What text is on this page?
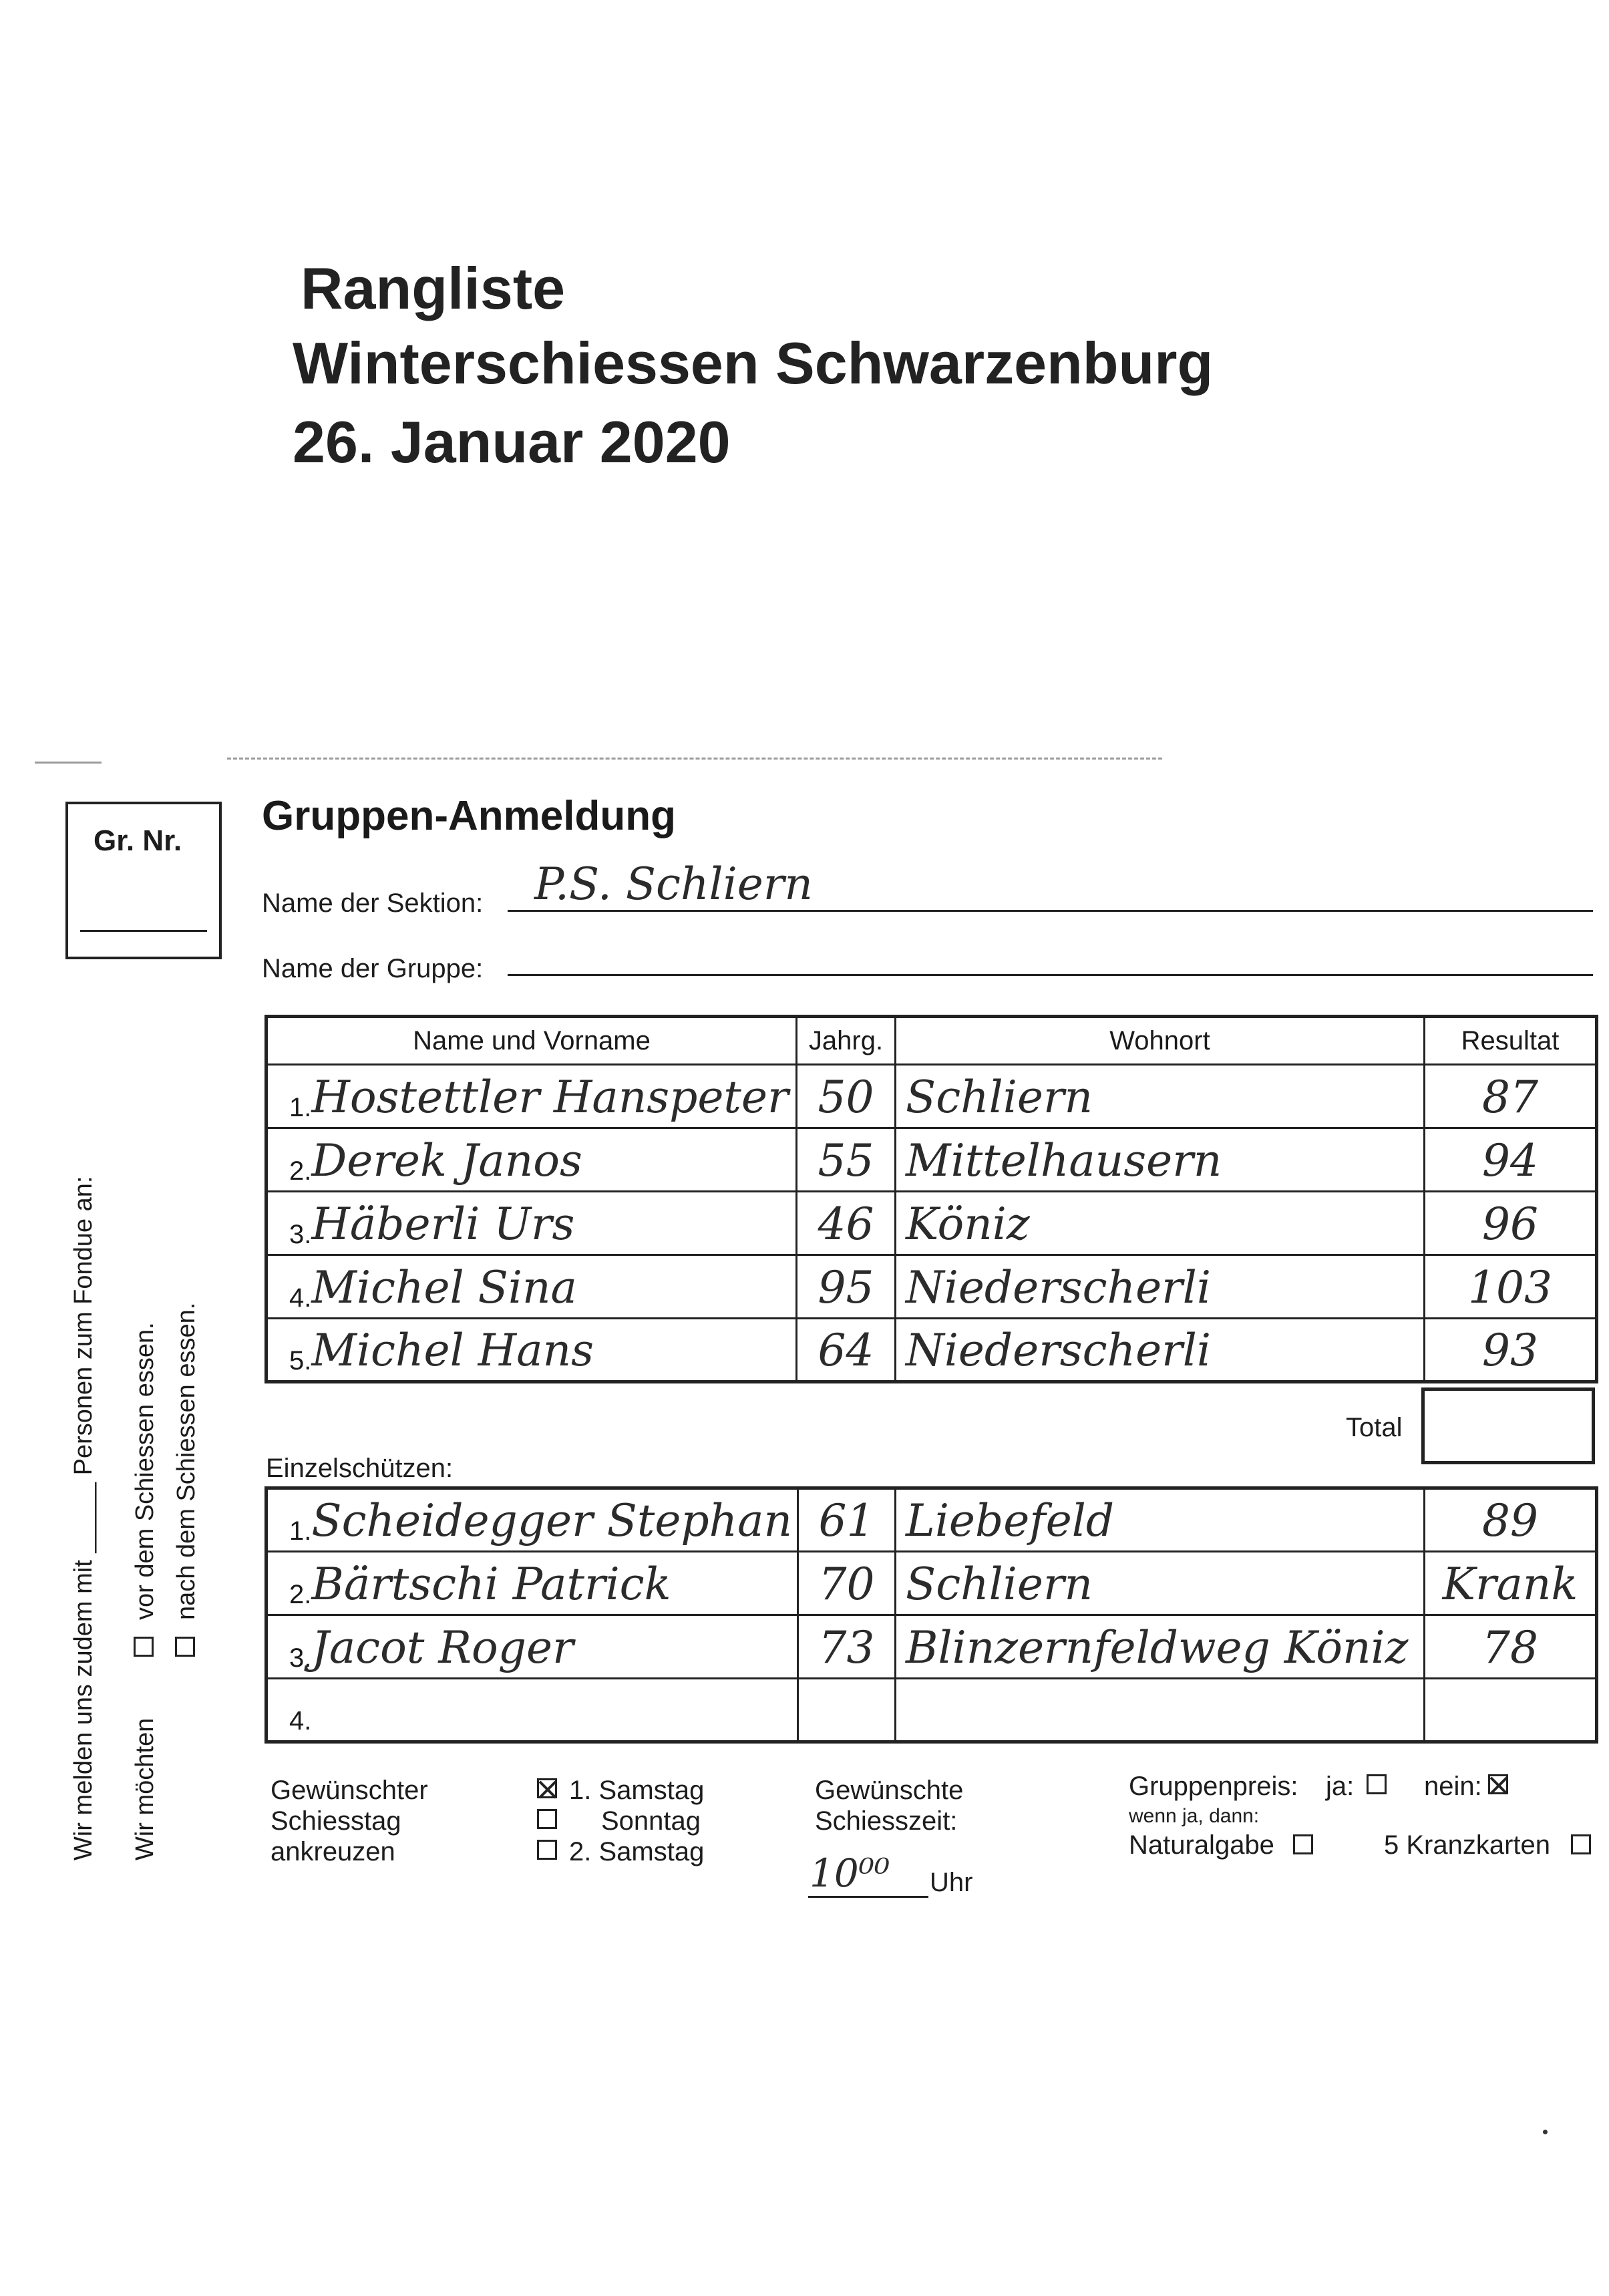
Rangliste
Winterschiessen Schwarzenburg
26. Januar 2020
Gr. Nr.
Gruppen-Anmeldung
Name der Sektion: P.S. Schliern
Name der Gruppe:
Name und Vorname	Jahrg.	Wohnort	Resultat

1. Hostettler Hanspeter	50	Schliern	87

2. Derek Janos	55	Mittelhausern	94

3. Häberli Urs	46	Köniz	96

4. Michel Sina	95	Niederscherli	103

5. Michel Hans	64	Niederscherli	93
Total
Einzelschützen:
1. Scheidegger Stephan	61	Liebefeld	89

2. Bärtschi Patrick	70	Schliern	Krank

3. Jacot Roger	73	Blinzernfeldweg Köniz	78

4.			

Wir melden uns zudem mit _____ Personen zum Fondue an: Wir möchten
vor dem Schiessen essen. nach dem Schiessen essen.
Gewünschter
Schiesstag
ankreuzen
1. Samstag
Sonntag
2. Samstag
Gewünschte
Schiesszeit:
10⁰⁰ Uhr
Gruppenpreis: ja:	nein:
wenn ja, dann:
Naturalgabe	5 Kranzkarten
